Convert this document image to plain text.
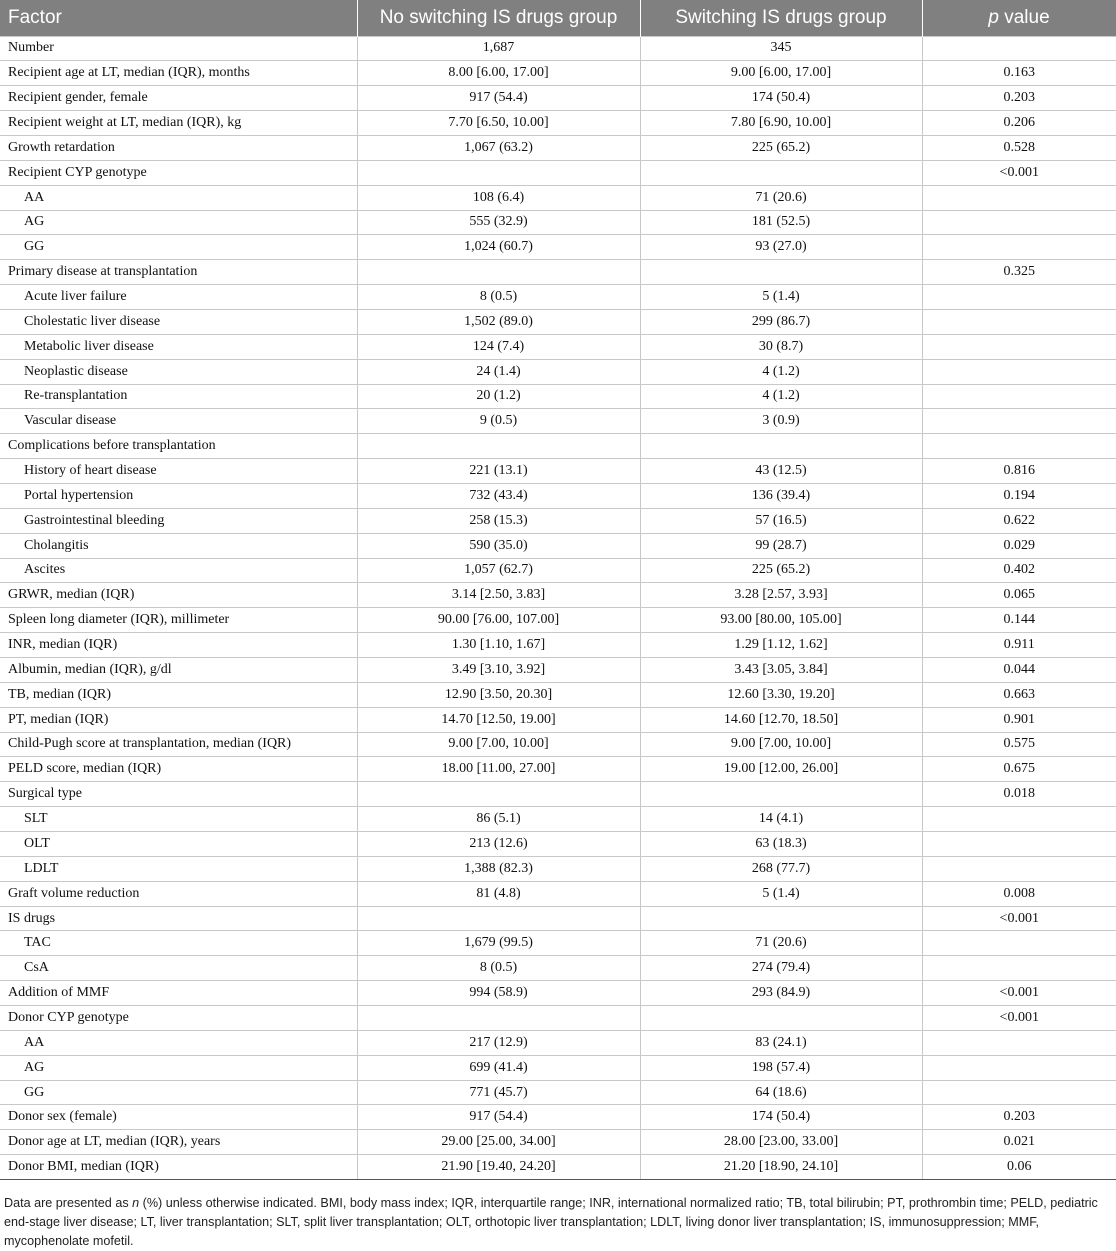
Factor	No switching IS drugs group	Switching IS drugs group	p value
Number	1,687	345	
Recipient age at LT, median (IQR), months	8.00 [6.00, 17.00]	9.00 [6.00, 17.00]	0.163
Recipient gender, female	917 (54.4)	174 (50.4)	0.203
Recipient weight at LT, median (IQR), kg	7.70 [6.50, 10.00]	7.80 [6.90, 10.00]	0.206
Growth retardation	1,067 (63.2)	225 (65.2)	0.528
Recipient CYP genotype			<0.001
AA	108 (6.4)	71 (20.6)	
AG	555 (32.9)	181 (52.5)	
GG	1,024 (60.7)	93 (27.0)	
Primary disease at transplantation			0.325
Acute liver failure	8 (0.5)	5 (1.4)	
Cholestatic liver disease	1,502 (89.0)	299 (86.7)	
Metabolic liver disease	124 (7.4)	30 (8.7)	
Neoplastic disease	24 (1.4)	4 (1.2)	
Re-transplantation	20 (1.2)	4 (1.2)	
Vascular disease	9 (0.5)	3 (0.9)	
Complications before transplantation			
History of heart disease	221 (13.1)	43 (12.5)	0.816
Portal hypertension	732 (43.4)	136 (39.4)	0.194
Gastrointestinal bleeding	258 (15.3)	57 (16.5)	0.622
Cholangitis	590 (35.0)	99 (28.7)	0.029
Ascites	1,057 (62.7)	225 (65.2)	0.402
GRWR, median (IQR)	3.14 [2.50, 3.83]	3.28 [2.57, 3.93]	0.065
Spleen long diameter (IQR), millimeter	90.00 [76.00, 107.00]	93.00 [80.00, 105.00]	0.144
INR, median (IQR)	1.30 [1.10, 1.67]	1.29 [1.12, 1.62]	0.911
Albumin, median (IQR), g/dl	3.49 [3.10, 3.92]	3.43 [3.05, 3.84]	0.044
TB, median (IQR)	12.90 [3.50, 20.30]	12.60 [3.30, 19.20]	0.663
PT, median (IQR)	14.70 [12.50, 19.00]	14.60 [12.70, 18.50]	0.901
Child-Pugh score at transplantation, median (IQR)	9.00 [7.00, 10.00]	9.00 [7.00, 10.00]	0.575
PELD score, median (IQR)	18.00 [11.00, 27.00]	19.00 [12.00, 26.00]	0.675
Surgical type			0.018
SLT	86 (5.1)	14 (4.1)	
OLT	213 (12.6)	63 (18.3)	
LDLT	1,388 (82.3)	268 (77.7)	
Graft volume reduction	81 (4.8)	5 (1.4)	0.008
IS drugs			<0.001
TAC	1,679 (99.5)	71 (20.6)	
CsA	8 (0.5)	274 (79.4)	
Addition of MMF	994 (58.9)	293 (84.9)	<0.001
Donor CYP genotype			<0.001
AA	217 (12.9)	83 (24.1)	
AG	699 (41.4)	198 (57.4)	
GG	771 (45.7)	64 (18.6)	
Donor sex (female)	917 (54.4)	174 (50.4)	0.203
Donor age at LT, median (IQR), years	29.00 [25.00, 34.00]	28.00 [23.00, 33.00]	0.021
Donor BMI, median (IQR)	21.90 [19.40, 24.20]	21.20 [18.90, 24.10]	0.06
Data are presented as n (%) unless otherwise indicated. BMI, body mass index; IQR, interquartile range; INR, international normalized ratio; TB, total bilirubin; PT, prothrombin time; PELD, pediatric end-stage liver disease; LT, liver transplantation; SLT, split liver transplantation; OLT, orthotopic liver transplantation; LDLT, living donor liver transplantation; IS, immunosuppression; MMF, mycophenolate mofetil.
